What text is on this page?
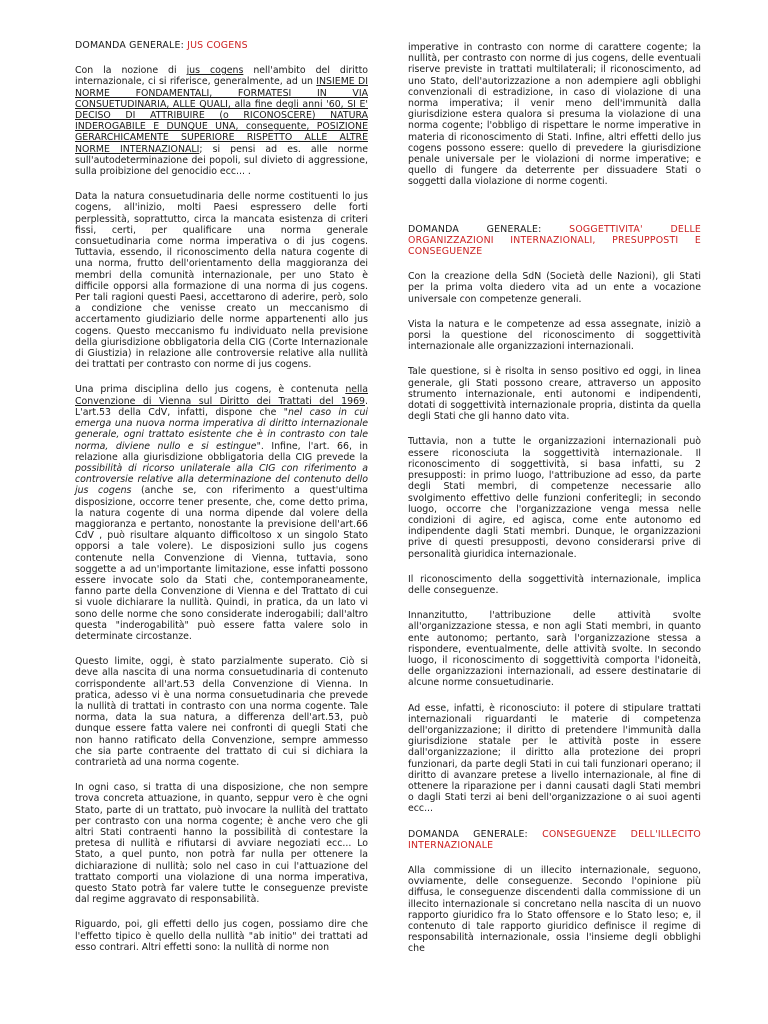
DOMANDA GENERALE: JUS COGENS

Con la nozione di jus cogens nell'ambito del diritto internazionale, ci si riferisce, generalmente, ad un INSIEME DI NORME FONDAMENTALI, FORMATESI IN VIA CONSUETUDINARIA, ALLE QUALI, alla fine degli anni '60, SI E' DECISO DI ATTRIBUIRE (o RICONOSCERE) NATURA INDEROGABILE E DUNQUE UNA, conseguente, POSIZIONE GERARCHICAMENTE SUPERIORE RISPETTO ALLE ALTRE NORME INTERNAZIONALI; si pensi ad es. alle norme sull'autodeterminazione dei popoli, sul divieto di aggressione, sulla proibizione del genocidio ecc... .

Data la natura consuetudinaria delle norme costituenti lo jus cogens, all'inizio, molti Paesi espressero delle forti perplessità, soprattutto, circa la mancata esistenza di criteri fissi, certi, per qualificare una norma generale consuetudinaria come norma imperativa o di jus cogens. Tuttavia, essendo, il riconoscimento della natura cogente di una norma, frutto dell'orientamento della maggioranza dei membri della comunità internazionale, per uno Stato è difficile opporsi alla formazione di una norma di jus cogens. Per tali ragioni questi Paesi, accettarono di aderire, però, solo a condizione che venisse creato un meccanismo di accertamento giudiziario delle norme appartenenti allo jus cogens. Questo meccanismo fu individuato nella previsione della giurisdizione obbligatoria della CIG (Corte Internazionale di Giustizia) in relazione alle controversie relative alla nullità dei trattati per contrasto con norme di jus cogens.

Una prima disciplina dello jus cogens, è contenuta nella Convenzione di Vienna sul Diritto dei Trattati del 1969. L'art.53 della CdV, infatti, dispone che "nel caso in cui emerga una nuova norma imperativa di diritto internazionale generale, ogni trattato esistente che è in contrasto con tale norma, diviene nullo e si estingue". Infine, l'art. 66, in relazione alla giurisdizione obbligatoria della CIG prevede la possibilità di ricorso unilaterale alla CIG con riferimento a controversie relative alla determinazione del contenuto dello jus cogens (anche se, con riferimento a quest'ultima disposizione, occorre tener presente, che, come detto prima, la natura cogente di una norma dipende dal volere della maggioranza e pertanto, nonostante la previsione dell'art.66 CdV , può risultare alquanto difficoltoso x un singolo Stato opporsi a tale volere). Le disposizioni sullo jus cogens contenute nella Convenzione di Vienna, tuttavia, sono soggette a ad un'importante limitazione, esse infatti possono essere invocate solo da Stati che, contemporaneamente, fanno parte della Convenzione di Vienna e del Trattato di cui si vuole dichiarare la nullità. Quindi, in pratica, da un lato vi sono delle norme che sono considerate inderogabili; dall'altro questa "inderogabilità" può essere fatta valere solo in determinate circostanze.

Questo limite, oggi, è stato parzialmente superato. Ciò si deve alla nascita di una norma consuetudinaria di contenuto corrispondente all'art.53 della Convenzione di Vienna. In pratica, adesso vi è una norma consuetudinaria che prevede la nullità di trattati in contrasto con una norma cogente. Tale norma, data la sua natura, a differenza dell'art.53, può dunque essere fatta valere nei confronti di quegli Stati che non hanno ratificato della Convenzione, sempre ammesso che sia parte contraente del trattato di cui si dichiara la contrarietà ad una norma cogente.

In ogni caso, si tratta di una disposizione, che non sempre trova concreta attuazione, in quanto, seppur vero è che ogni Stato, parte di un trattato, può invocare la nullità del trattato per contrasto con una norma cogente; è anche vero che gli altri Stati contraenti hanno la possibilità di contestare la pretesa di nullità e rifiutarsi di avviare negoziati ecc... Lo Stato, a quel punto, non potrà far nulla per ottenere la dichiarazione di nullità; solo nel caso in cui l'attuazione del trattato comporti una violazione di una norma imperativa, questo Stato potrà far valere tutte le conseguenze previste dal regime aggravato di responsabilità.

Riguardo, poi, gli effetti dello jus cogen, possiamo dire che l'effetto tipico è quello della nullità "ab initio" dei trattati ad esso contrari. Altri effetti sono: la nullità di norme non

imperative in contrasto con norme di carattere cogente; la nullità, per contrasto con norme di jus cogens, delle eventuali riserve previste in trattati multilaterali; il riconoscimento, ad uno Stato, dell'autorizzazione a non adempiere agli obblighi convenzionali di estradizione, in caso di violazione di una norma imperativa; il venir meno dell'immunità dalla giurisdizione estera qualora si presuma la violazione di una norma cogente; l'obbligo di rispettare le norme imperative in materia di riconoscimento di Stati. Infine, altri effetti dello jus cogens possono essere: quello di prevedere la giurisdizione penale universale per le violazioni di norme imperative; e quello di fungere da deterrente per dissuadere Stati o soggetti dalla violazione di norme cogenti.

DOMANDA GENERALE: SOGGETTIVITA' DELLE ORGANIZZAZIONI INTERNAZIONALI, PRESUPPOSTI E CONSEGUENZE

Con la creazione della SdN (Società delle Nazioni), gli Stati per la prima volta diedero vita ad un ente a vocazione universale con competenze generali.

Vista la natura e le competenze ad essa assegnate, iniziò a porsi la questione del riconoscimento di soggettività internazionale alle organizzazioni internazionali.

Tale questione, si è risolta in senso positivo ed oggi, in linea generale, gli Stati possono creare, attraverso un apposito strumento internazionale, enti autonomi e indipendenti, dotati di soggettività internazionale propria, distinta da quella degli Stati che gli hanno dato vita.

Tuttavia, non a tutte le organizzazioni internazionali può essere riconosciuta la soggettività internazionale. Il riconoscimento di soggettività, si basa infatti, su 2 presupposti: in primo luogo, l'attribuzione ad esso, da parte degli Stati membri, di competenze necessarie allo svolgimento effettivo delle funzioni conferitegli; in secondo luogo, occorre che l'organizzazione venga messa nelle condizioni di agire, ed agisca, come ente autonomo ed indipendente dagli Stati membri. Dunque, le organizzazioni prive di questi presupposti, devono considerarsi prive di personalità giuridica internazionale.

Il riconoscimento della soggettività internazionale, implica delle conseguenze.

Innanzitutto, l'attribuzione delle attività svolte all'organizzazione stessa, e non agli Stati membri, in quanto ente autonomo; pertanto, sarà l'organizzazione stessa a rispondere, eventualmente, delle attività svolte. In secondo luogo, il riconoscimento di soggettività comporta l'idoneità, delle organizzazioni internazionali, ad essere destinatarie di alcune norme consuetudinarie.

Ad esse, infatti, è riconosciuto: il potere di stipulare trattati internazionali riguardanti le materie di competenza dell'organizzazione; il diritto di pretendere l'immunità dalla giurisdizione statale per le attività poste in essere dall'organizzazione; il diritto alla protezione dei propri funzionari, da parte degli Stati in cui tali funzionari operano; il diritto di avanzare pretese a livello internazionale, al fine di ottenere la riparazione per i danni causati dagli Stati membri o dagli Stati terzi ai beni dell'organizzazione o ai suoi agenti ecc...

DOMANDA GENERALE: CONSEGUENZE DELL'ILLECITO INTERNAZIONALE

Alla commissione di un illecito internazionale, seguono, ovviamente, delle conseguenze. Secondo l'opinione più diffusa, le conseguenze discendenti dalla commissione di un illecito internazionale si concretano nella nascita di un nuovo rapporto giuridico fra lo Stato offensore e lo Stato leso; e, il contenuto di tale rapporto giuridico definisce il regime di responsabilità internazionale, ossia l'insieme degli obblighi che
